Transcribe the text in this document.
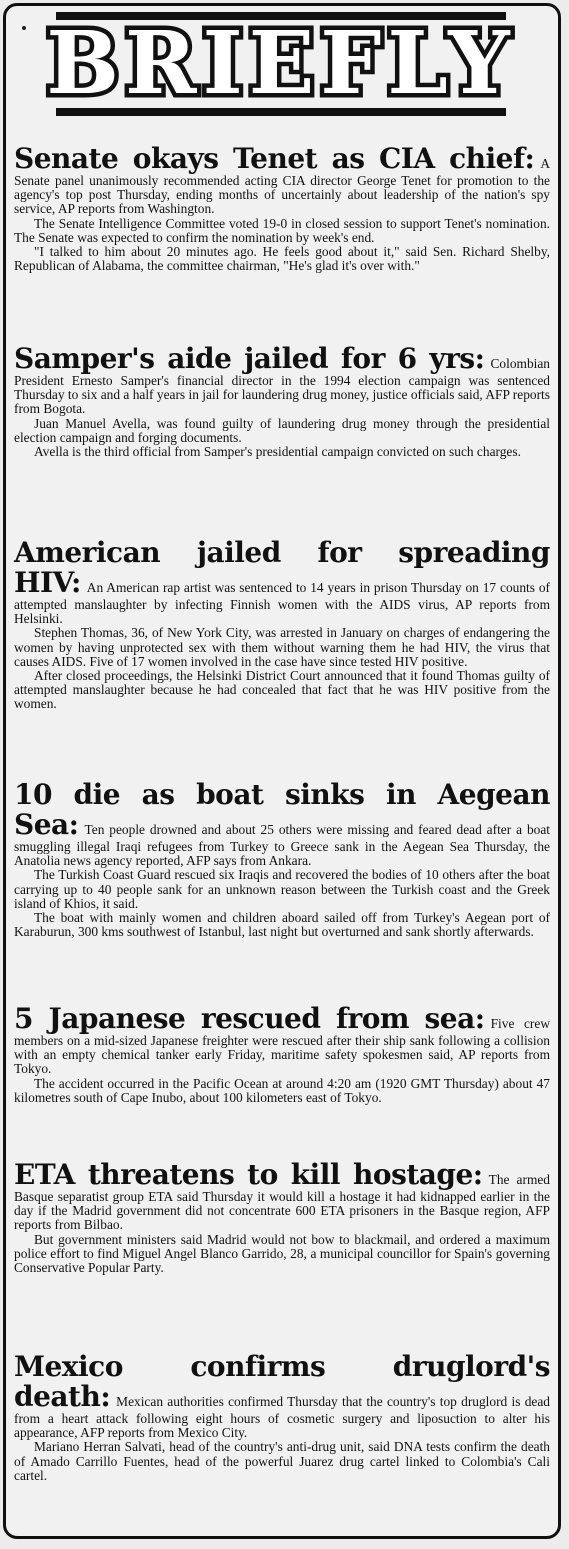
BRIEFLY

Senate okays Tenet as CIA chief: A Senate panel unanimously recommended acting CIA director George Tenet for promotion to the agency's top post Thursday, ending months of uncertainly about leadership of the nation's spy service, AP reports from Washington.

The Senate Intelligence Committee voted 19-0 in closed session to support Tenet's nomination. The Senate was expected to confirm the nomination by week's end.

"I talked to him about 20 minutes ago. He feels good about it," said Sen. Richard Shelby, Republican of Alabama, the committee chairman, "He's glad it's over with."

Samper's aide jailed for 6 yrs: Colombian President Ernesto Samper's financial director in the 1994 election campaign was sentenced Thursday to six and a half years in jail for laundering drug money, justice officials said, AFP reports from Bogota.

Juan Manuel Avella, was found guilty of laundering drug money through the presidential election campaign and forging documents.

Avella is the third official from Samper's presidential campaign convicted on such charges.

American jailed for spreading HIV: An American rap artist was sentenced to 14 years in prison Thursday on 17 counts of attempted manslaughter by infecting Finnish women with the AIDS virus, AP reports from Helsinki.

Stephen Thomas, 36, of New York City, was arrested in January on charges of endangering the women by having unprotected sex with them without warning them he had HIV, the virus that causes AIDS. Five of 17 women involved in the case have since tested HIV positive.

After closed proceedings, the Helsinki District Court announced that it found Thomas guilty of attempted manslaughter because he had concealed that fact that he was HIV positive from the women.

10 die as boat sinks in Aegean Sea: Ten people drowned and about 25 others were missing and feared dead after a boat smuggling illegal Iraqi refugees from Turkey to Greece sank in the Aegean Sea Thursday, the Anatolia news agency reported, AFP says from Ankara.

The Turkish Coast Guard rescued six Iraqis and recovered the bodies of 10 others after the boat carrying up to 40 people sank for an unknown reason between the Turkish coast and the Greek island of Khios, it said.

The boat with mainly women and children aboard sailed off from Turkey's Aegean port of Karaburun, 300 kms southwest of Istanbul, last night but overturned and sank shortly afterwards.

5 Japanese rescued from sea: Five crew members on a mid-sized Japanese freighter were rescued after their ship sank following a collision with an empty chemical tanker early Friday, maritime safety spokesmen said, AP reports from Tokyo.

The accident occurred in the Pacific Ocean at around 4:20 am (1920 GMT Thursday) about 47 kilometres south of Cape Inubo, about 100 kilometers east of Tokyo.

ETA threatens to kill hostage: The armed Basque separatist group ETA said Thursday it would kill a hostage it had kidnapped earlier in the day if the Madrid government did not concentrate 600 ETA prisoners in the Basque region, AFP reports from Bilbao.

But government ministers said Madrid would not bow to blackmail, and ordered a maximum police effort to find Miguel Angel Blanco Garrido, 28, a municipal councillor for Spain's governing Conservative Popular Party.

Mexico confirms druglord's death: Mexican authorities confirmed Thursday that the country's top druglord is dead from a heart attack following eight hours of cosmetic surgery and liposuction to alter his appearance, AFP reports from Mexico City.

Mariano Herran Salvati, head of the country's anti-drug unit, said DNA tests confirm the death of Amado Carrillo Fuentes, head of the powerful Juarez drug cartel linked to Colombia's Cali cartel.
